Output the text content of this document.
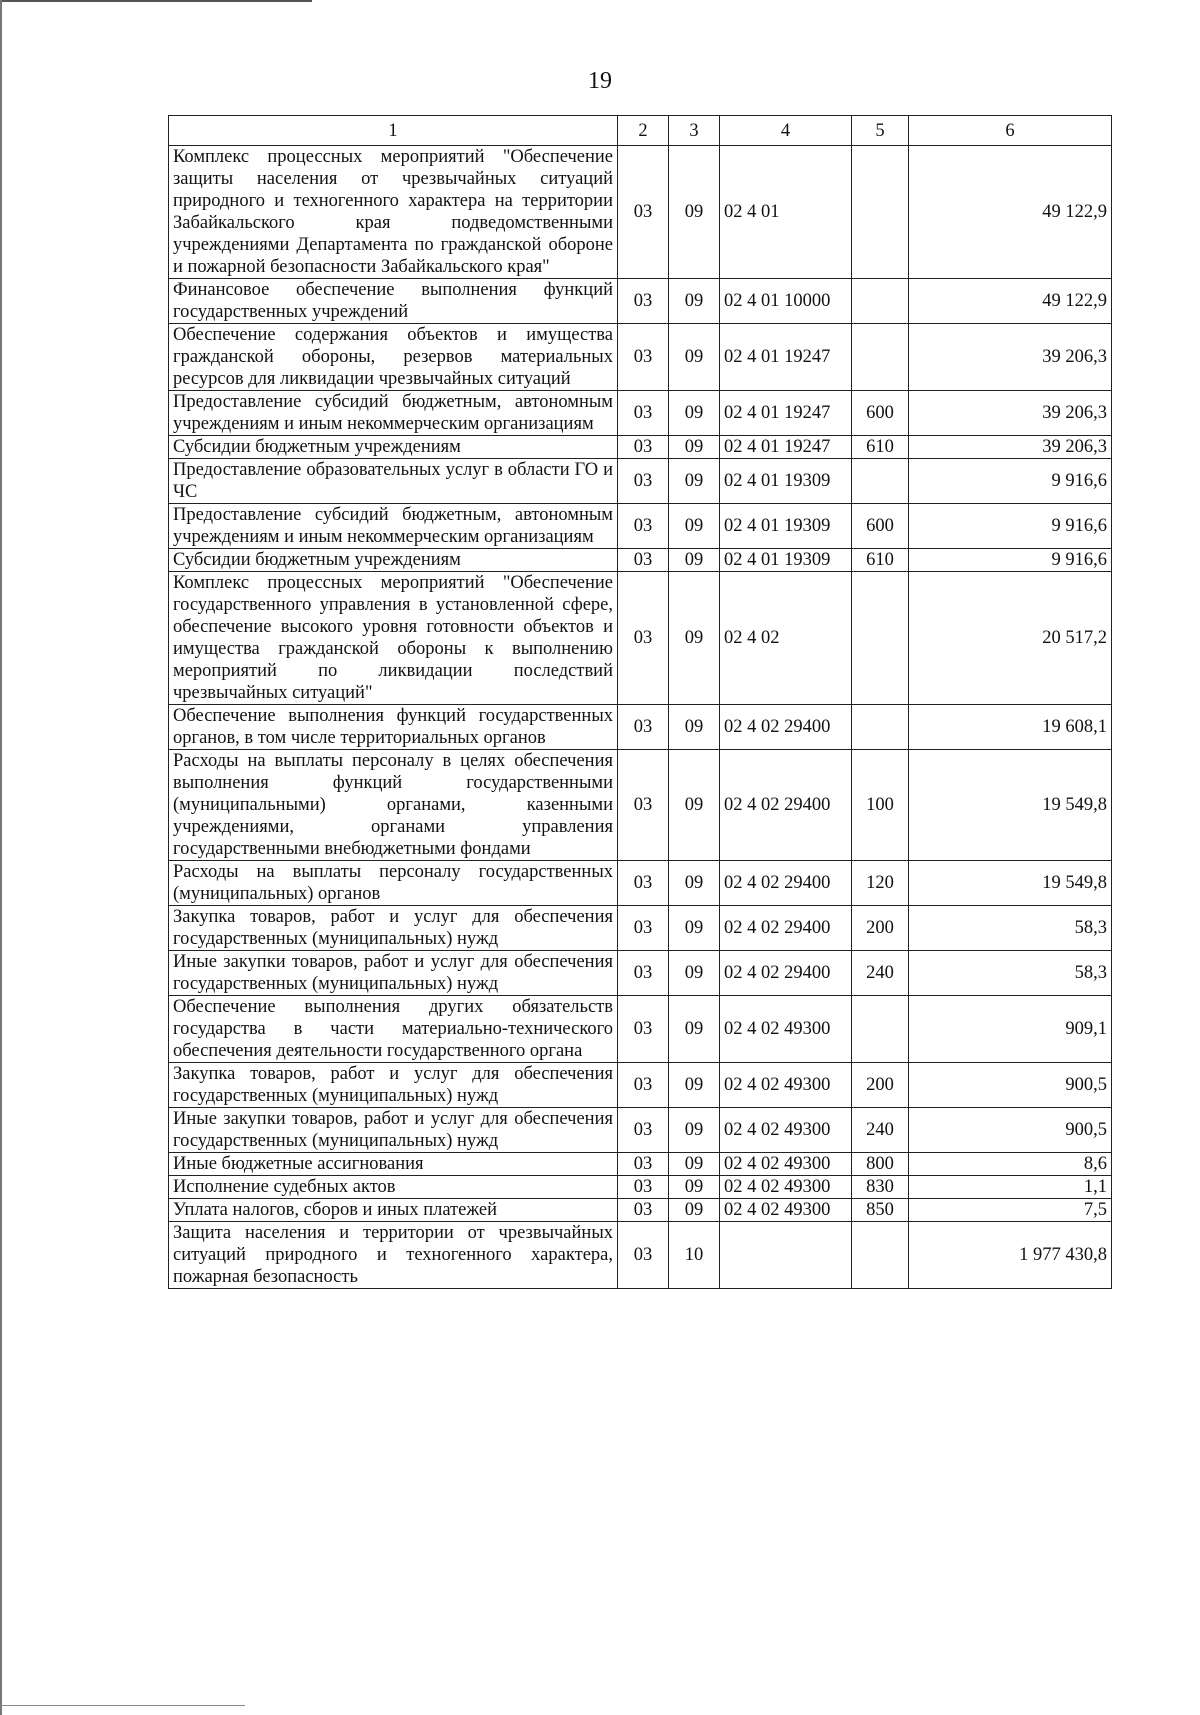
19
1	2	3	4	5	6
Комплекс процессных мероприятий "Обеспечение защиты населения от чрезвычайных ситуаций природного и техногенного характера на территории Забайкальского края подведомственными учреждениями Департамента по гражданской обороне и пожарной безопасности Забайкальского края"	03	09	02 4 01		49 122,9
Финансовое обеспечение выполнения функций государственных учреждений	03	09	02 4 01 10000		49 122,9
Обеспечение содержания объектов и имущества гражданской обороны, резервов материальных ресурсов для ликвидации чрезвычайных ситуаций	03	09	02 4 01 19247		39 206,3
Предоставление субсидий бюджетным, автономным учреждениям и иным некоммерческим организациям	03	09	02 4 01 19247	600	39 206,3
Субсидии бюджетным учреждениям	03	09	02 4 01 19247	610	39 206,3
Предоставление образовательных услуг в области ГО и ЧС	03	09	02 4 01 19309		9 916,6
Предоставление субсидий бюджетным, автономным учреждениям и иным некоммерческим организациям	03	09	02 4 01 19309	600	9 916,6
Субсидии бюджетным учреждениям	03	09	02 4 01 19309	610	9 916,6
Комплекс процессных мероприятий "Обеспечение государственного управления в установленной сфере, обеспечение высокого уровня готовности объектов и имущества гражданской обороны к выполнению мероприятий по ликвидации последствий чрезвычайных ситуаций"	03	09	02 4 02		20 517,2
Обеспечение выполнения функций государственных органов, в том числе территориальных органов	03	09	02 4 02 29400		19 608,1
Расходы на выплаты персоналу в целях обеспечения выполнения функций государственными (муниципальными) органами, казенными учреждениями, органами управления государственными внебюджетными фондами	03	09	02 4 02 29400	100	19 549,8
Расходы на выплаты персоналу государственных (муниципальных) органов	03	09	02 4 02 29400	120	19 549,8
Закупка товаров, работ и услуг для обеспечения государственных (муниципальных) нужд	03	09	02 4 02 29400	200	58,3
Иные закупки товаров, работ и услуг для обеспечения государственных (муниципальных) нужд	03	09	02 4 02 29400	240	58,3
Обеспечение выполнения других обязательств государства в части материально-технического обеспечения деятельности государственного органа	03	09	02 4 02 49300		909,1
Закупка товаров, работ и услуг для обеспечения государственных (муниципальных) нужд	03	09	02 4 02 49300	200	900,5
Иные закупки товаров, работ и услуг для обеспечения государственных (муниципальных) нужд	03	09	02 4 02 49300	240	900,5
Иные бюджетные ассигнования	03	09	02 4 02 49300	800	8,6
Исполнение судебных актов	03	09	02 4 02 49300	830	1,1
Уплата налогов, сборов и иных платежей	03	09	02 4 02 49300	850	7,5
Защита населения и территории от чрезвычайных ситуаций природного и техногенного характера, пожарная безопасность	03	10			1 977 430,8
